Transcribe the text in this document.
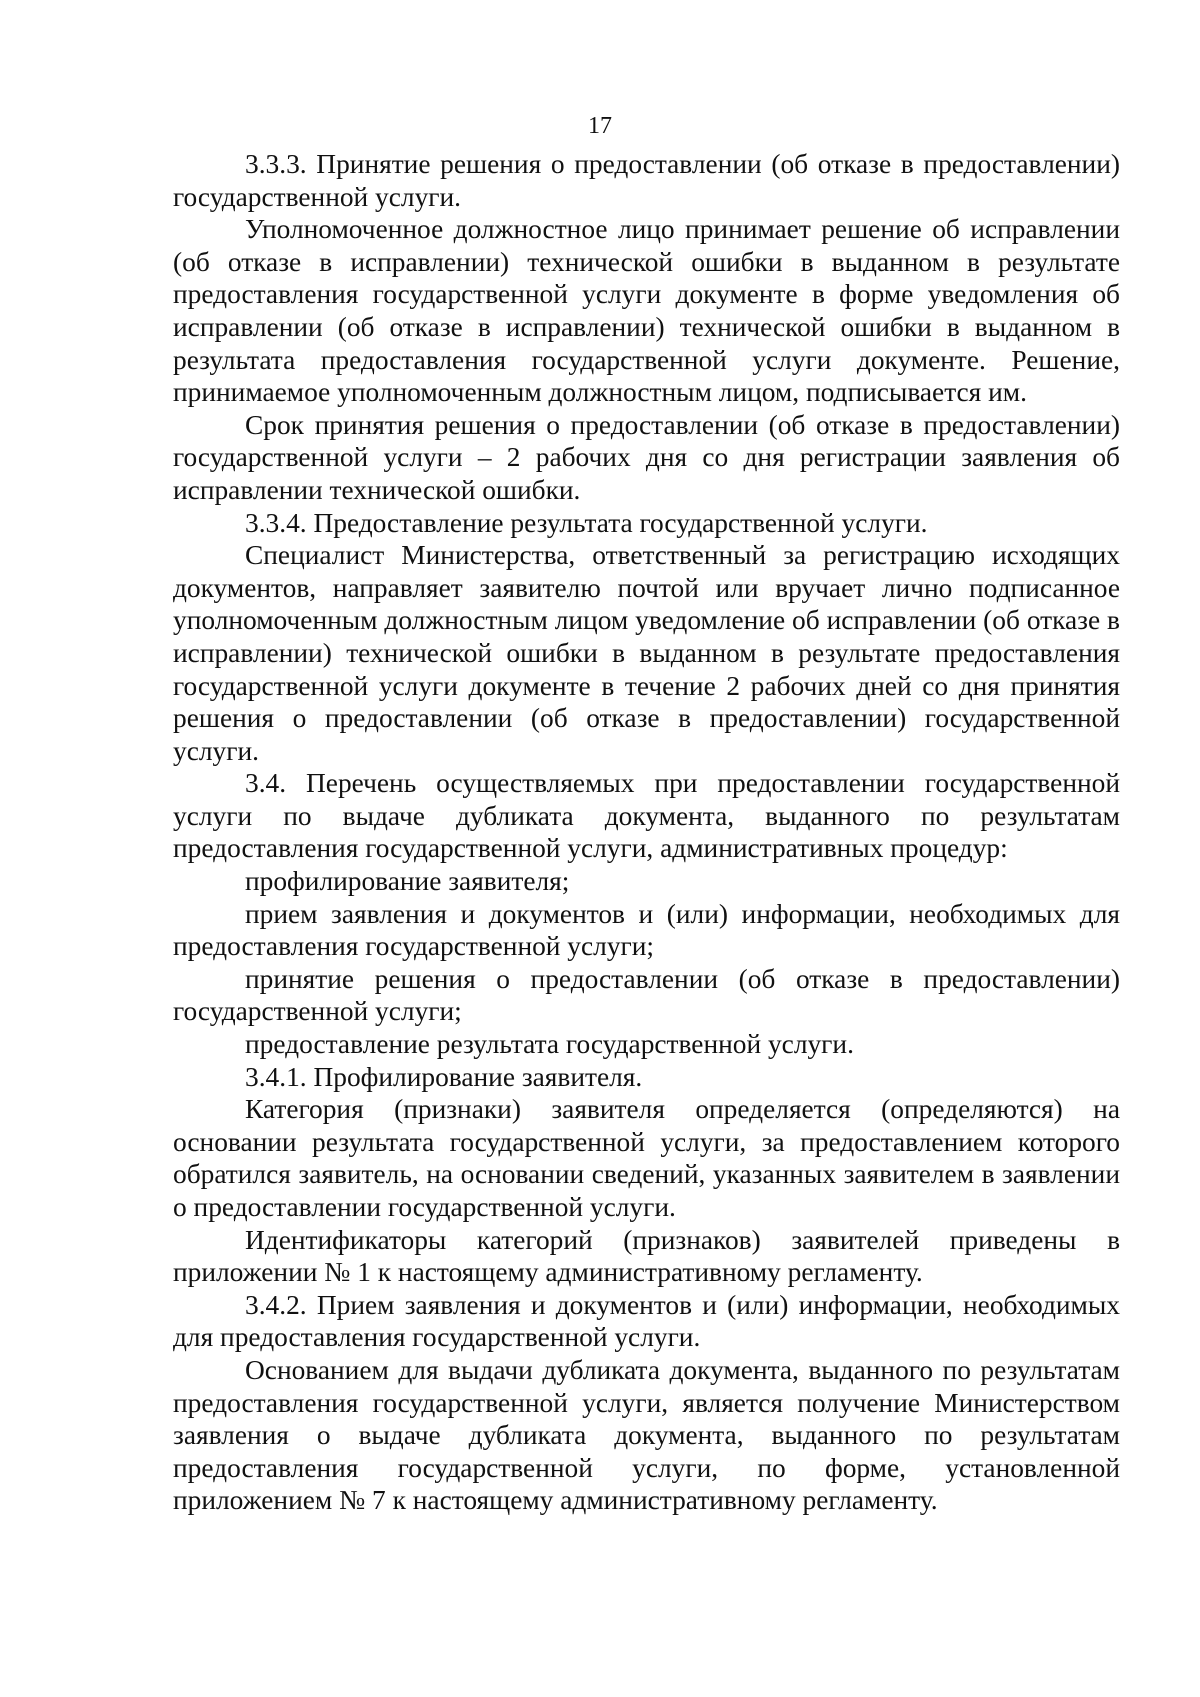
17

3.3.3. Принятие решения о предоставлении (об отказе в предоставлении) государственной услуги.

Уполномоченное должностное лицо принимает решение об исправлении (об отказе в исправлении) технической ошибки в выданном в результате предоставления государственной услуги документе в форме уведомления об исправлении (об отказе в исправлении) технической ошибки в выданном в результата предоставления государственной услуги документе. Решение, принимаемое уполномоченным должностным лицом, подписывается им.

Срок принятия решения о предоставлении (об отказе в предоставлении) государственной услуги – 2 рабочих дня со дня регистрации заявления об исправлении технической ошибки.

3.3.4. Предоставление результата государственной услуги.

Специалист Министерства, ответственный за регистрацию исходящих документов, направляет заявителю почтой или вручает лично подписанное уполномоченным должностным лицом уведомление об исправлении (об отказе в исправлении) технической ошибки в выданном в результате предоставления государственной услуги документе в течение 2 рабочих дней со дня принятия решения о предоставлении (об отказе в предоставлении) государственной услуги.

3.4. Перечень осуществляемых при предоставлении государственной услуги по выдаче дубликата документа, выданного по результатам предоставления государственной услуги, административных процедур:

профилирование заявителя;

прием заявления и документов и (или) информации, необходимых для предоставления государственной услуги;

принятие решения о предоставлении (об отказе в предоставлении) государственной услуги;

предоставление результата государственной услуги.

3.4.1. Профилирование заявителя.

Категория (признаки) заявителя определяется (определяются) на основании результата государственной услуги, за предоставлением которого обратился заявитель, на основании сведений, указанных заявителем в заявлении о предоставлении государственной услуги.

Идентификаторы категорий (признаков) заявителей приведены в приложении № 1 к настоящему административному регламенту.

3.4.2. Прием заявления и документов и (или) информации, необходимых для предоставления государственной услуги.

Основанием для выдачи дубликата документа, выданного по результатам предоставления государственной услуги, является получение Министерством заявления о выдаче дубликата документа, выданного по результатам предоставления государственной услуги, по форме, установленной приложением № 7 к настоящему административному регламенту.
